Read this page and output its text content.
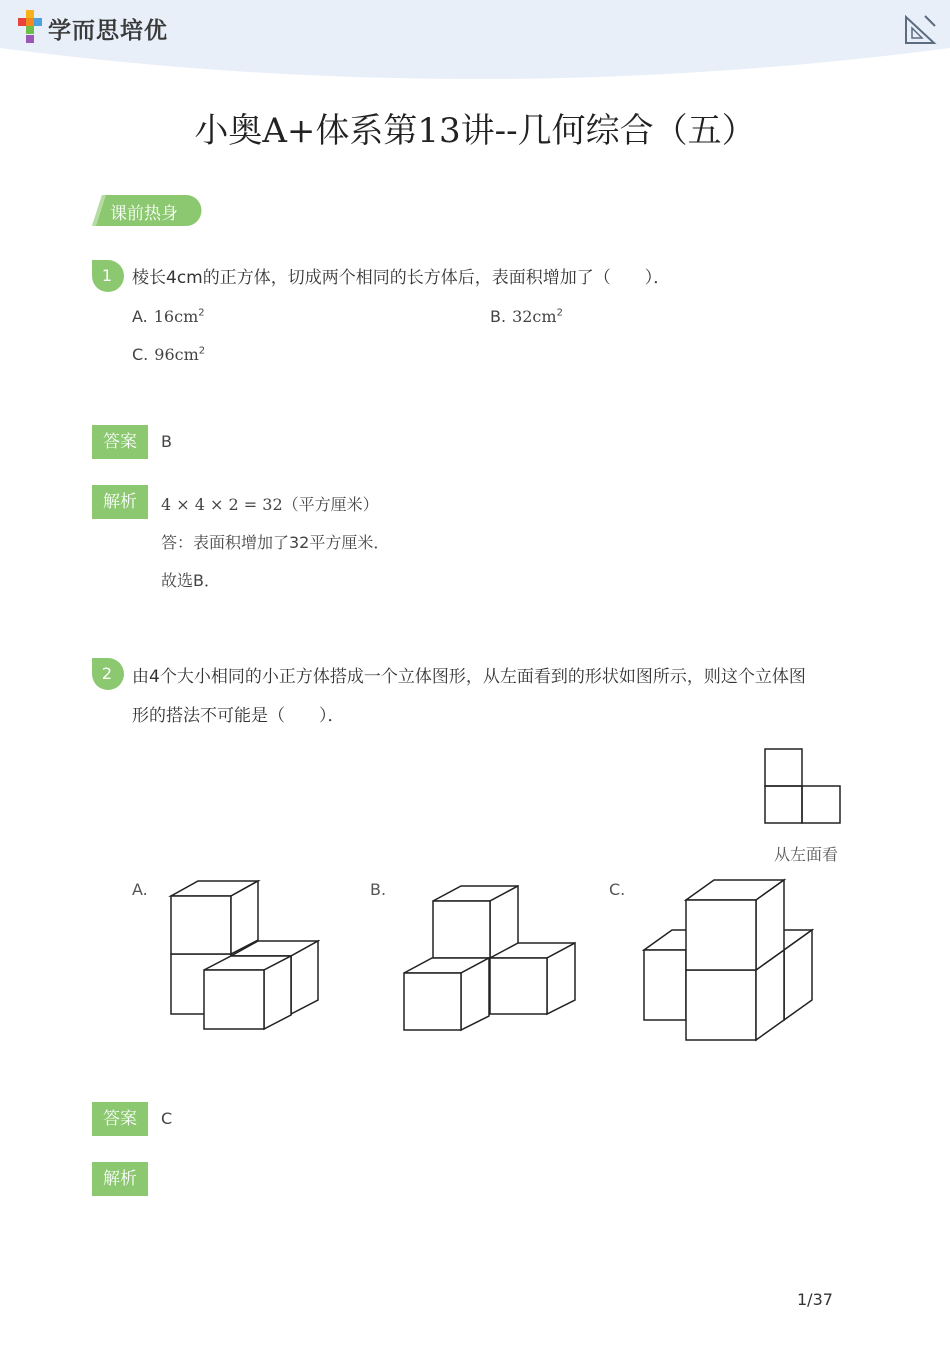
学而思培优
小奥A+体系第13讲--几何综合（五）
课前热身
1	棱长4cm的正方体，切成两个相同的长方体后，表面积增加了（　　）．
A. $16cm^2$	B. $32cm^2$
C. $96cm^2$
答案	B
解析	4 × 4 × 2 = 32（平方厘米）
答：表面积增加了32平方厘米．
故选B．
2	由4个大小相同的小正方体搭成一个立体图形，从左面看到的形状如图所示，则这个立体图
形的搭法不可能是（　　）．
从左面看
A.	B.	C.
答案	C
解析
1/37
